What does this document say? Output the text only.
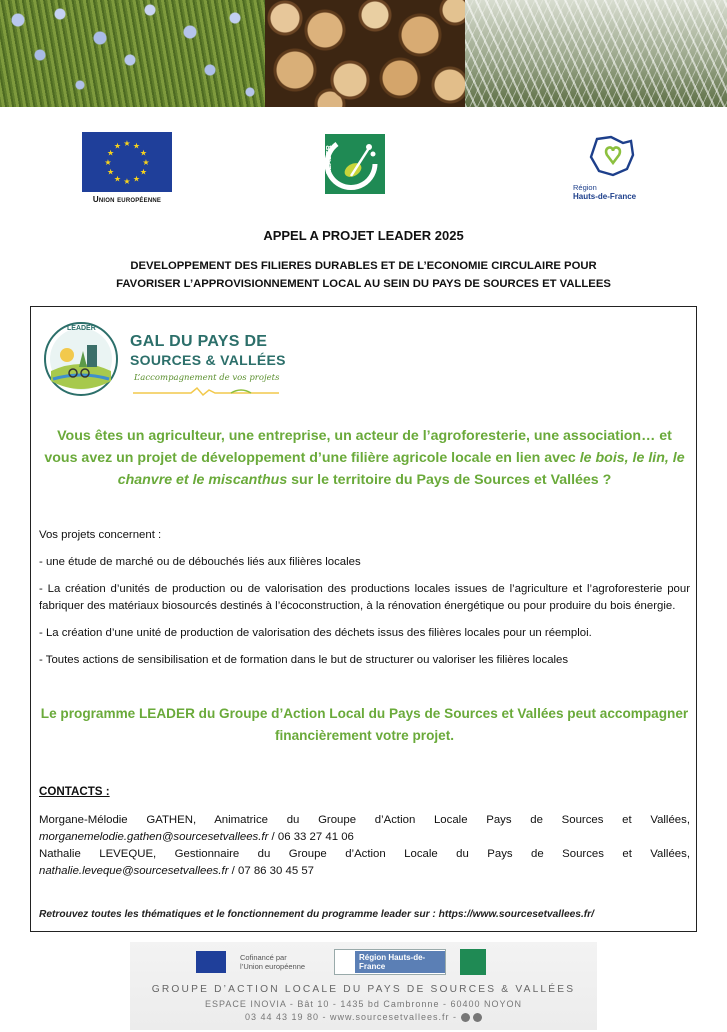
★
★
★
★
★
★
★
★
★ ★ ★
★
Union européenne
LEADER
Région
Hauts-de-France
APPEL A PROJET LEADER 2025
DEVELOPPEMENT DES FILIERES DURABLES ET DE L’ECONOMIE CIRCULAIRE POUR
FAVORISER L’APPROVISIONNEMENT LOCAL AU SEIN DU PAYS DE SOURCES ET VALLEES
LEADER
GAL DU PAYS DE
SOURCES & VALLÉES
L’accompagnement de vos projets
Vous êtes un agriculteur, une entreprise, un acteur de l’agroforesterie, une association… et vous avez un projet de développement d’une filière agricole locale en lien avec le bois, le lin, le chanvre et le miscanthus sur le territoire du Pays de Sources et Vallées ?

Vos projets concernent :

- une étude de marché ou de débouchés liés aux filières locales

- La création d’unités de production ou de valorisation des productions locales issues de l’agriculture et l’agroforesterie pour fabriquer des matériaux biosourcés destinés à l’écoconstruction, à la rénovation énergétique ou pour produire du bois énergie.

- La création d’une unité de production de valorisation des déchets issus des filières locales pour un réemploi.

- Toutes actions de sensibilisation et de formation dans le but de structurer ou valoriser les filières locales

Le programme LEADER du Groupe d’Action Local du Pays de Sources et Vallées peut accompagner financièrement votre projet.
CONTACTS :

Morgane-Mélodie GATHEN, Animatrice du Groupe d’Action Locale Pays de Sources et Vallées, morganemelodie.gathen@sourcesetvallees.fr / 06 33 27 41 06

Nathalie LEVEQUE, Gestionnaire du Groupe d’Action Locale du Pays de Sources et Vallées, nathalie.leveque@sourcesetvallees.fr / 07 86 30 45 57

Retrouvez toutes les thématiques et le fonctionnement du programme leader sur : https://www.sourcesetvallees.fr/
Cofinancé par
l’Union européenne
Région Hauts-de-France
GROUPE D’ACTION LOCALE DU PAYS DE SOURCES & VALLÉES
ESPACE INOVIA - Bât 10 - 1435 bd Cambronne - 60400 NOYON
03 44 43 19 80 - www.sourcesetvallees.fr -
